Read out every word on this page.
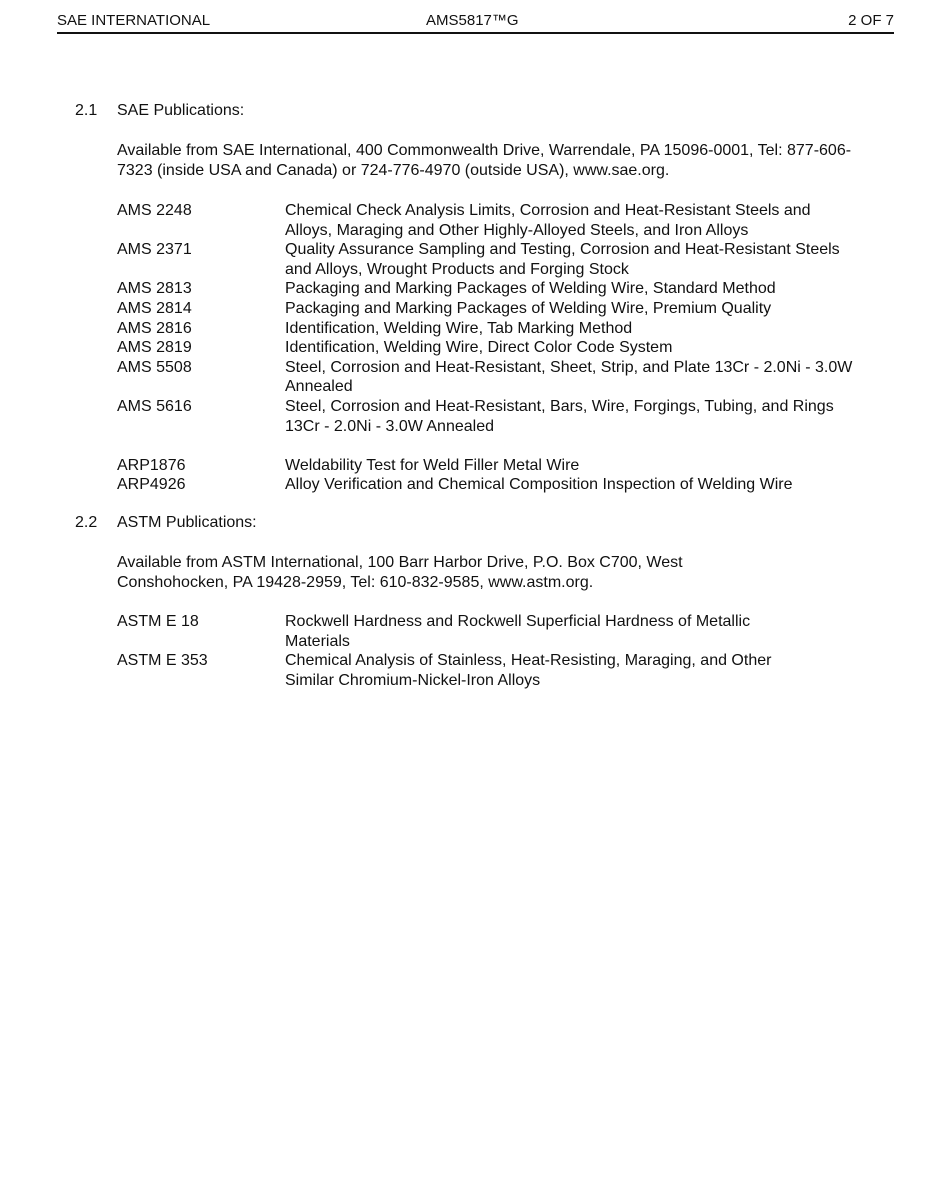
SAE INTERNATIONAL	AMS5817™G	2 OF 7
2.1 SAE Publications:
Available from SAE International, 400 Commonwealth Drive, Warrendale, PA 15096-0001, Tel: 877-606-7323 (inside USA and Canada) or 724-776-4970 (outside USA), www.sae.org.
AMS 2248	Chemical Check Analysis Limits, Corrosion and Heat-Resistant Steels and Alloys, Maraging and Other Highly-Alloyed Steels, and Iron Alloys
AMS 2371	Quality Assurance Sampling and Testing, Corrosion and Heat-Resistant Steels and Alloys, Wrought Products and Forging Stock
AMS 2813	Packaging and Marking Packages of Welding Wire, Standard Method
AMS 2814	Packaging and Marking Packages of Welding Wire, Premium Quality
AMS 2816	Identification, Welding Wire, Tab Marking Method
AMS 2819	Identification, Welding Wire, Direct Color Code System
AMS 5508	Steel, Corrosion and Heat-Resistant, Sheet, Strip, and Plate 13Cr - 2.0Ni - 3.0W Annealed
AMS 5616	Steel, Corrosion and Heat-Resistant, Bars, Wire, Forgings, Tubing, and Rings 13Cr - 2.0Ni - 3.0W Annealed
ARP1876	Weldability Test for Weld Filler Metal Wire
ARP4926	Alloy Verification and Chemical Composition Inspection of Welding Wire
2.2 ASTM Publications:
Available from ASTM International, 100 Barr Harbor Drive, P.O. Box C700, West Conshohocken, PA 19428-2959, Tel: 610-832-9585, www.astm.org.
ASTM E 18	Rockwell Hardness and Rockwell Superficial Hardness of Metallic Materials
ASTM E 353	Chemical Analysis of Stainless, Heat-Resisting, Maraging, and Other Similar Chromium-Nickel-Iron Alloys
